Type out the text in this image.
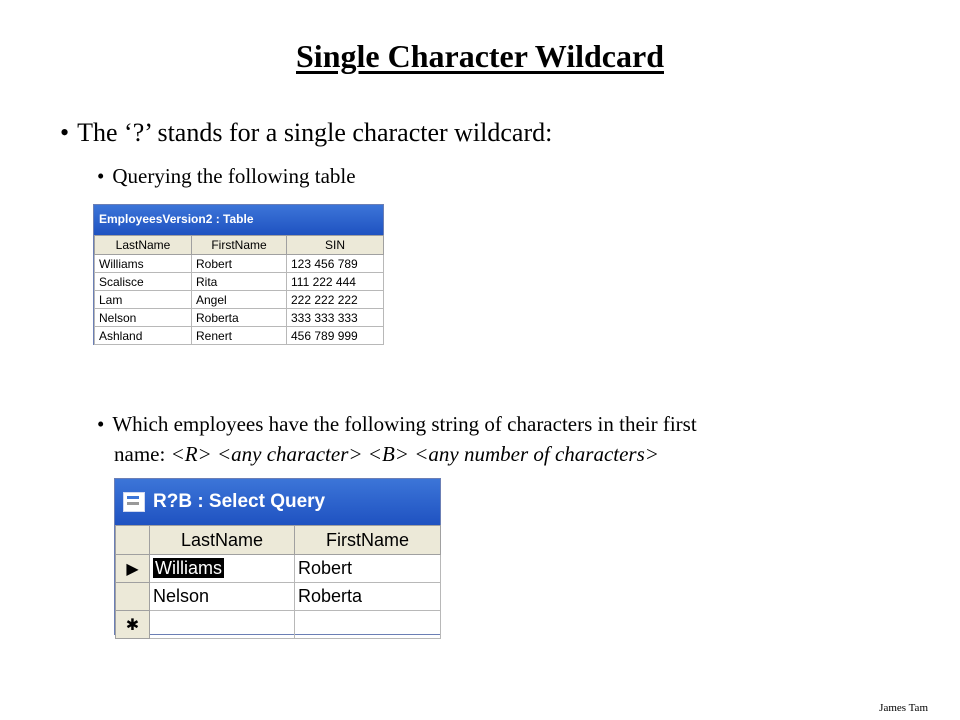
Single Character Wildcard
• The ‘?’ stands for a single character wildcard:
• Querying the following table
EmployeesVersion2 : Table
LastName	FirstName	SIN
Williams	Robert	123 456 789
Scalisce	Rita	111 222 444
Lam	Angel	222 222 222
Nelson	Roberta	333 333 333
Ashland	Renert	456 789 999
• Which employees have the following string of characters in their first
name: <R> <any character> <B> <any number of characters>
R?B : Select Query
	LastName	FirstName
▶	Williams	Robert
	Nelson	Roberta
✱		
James Tam
